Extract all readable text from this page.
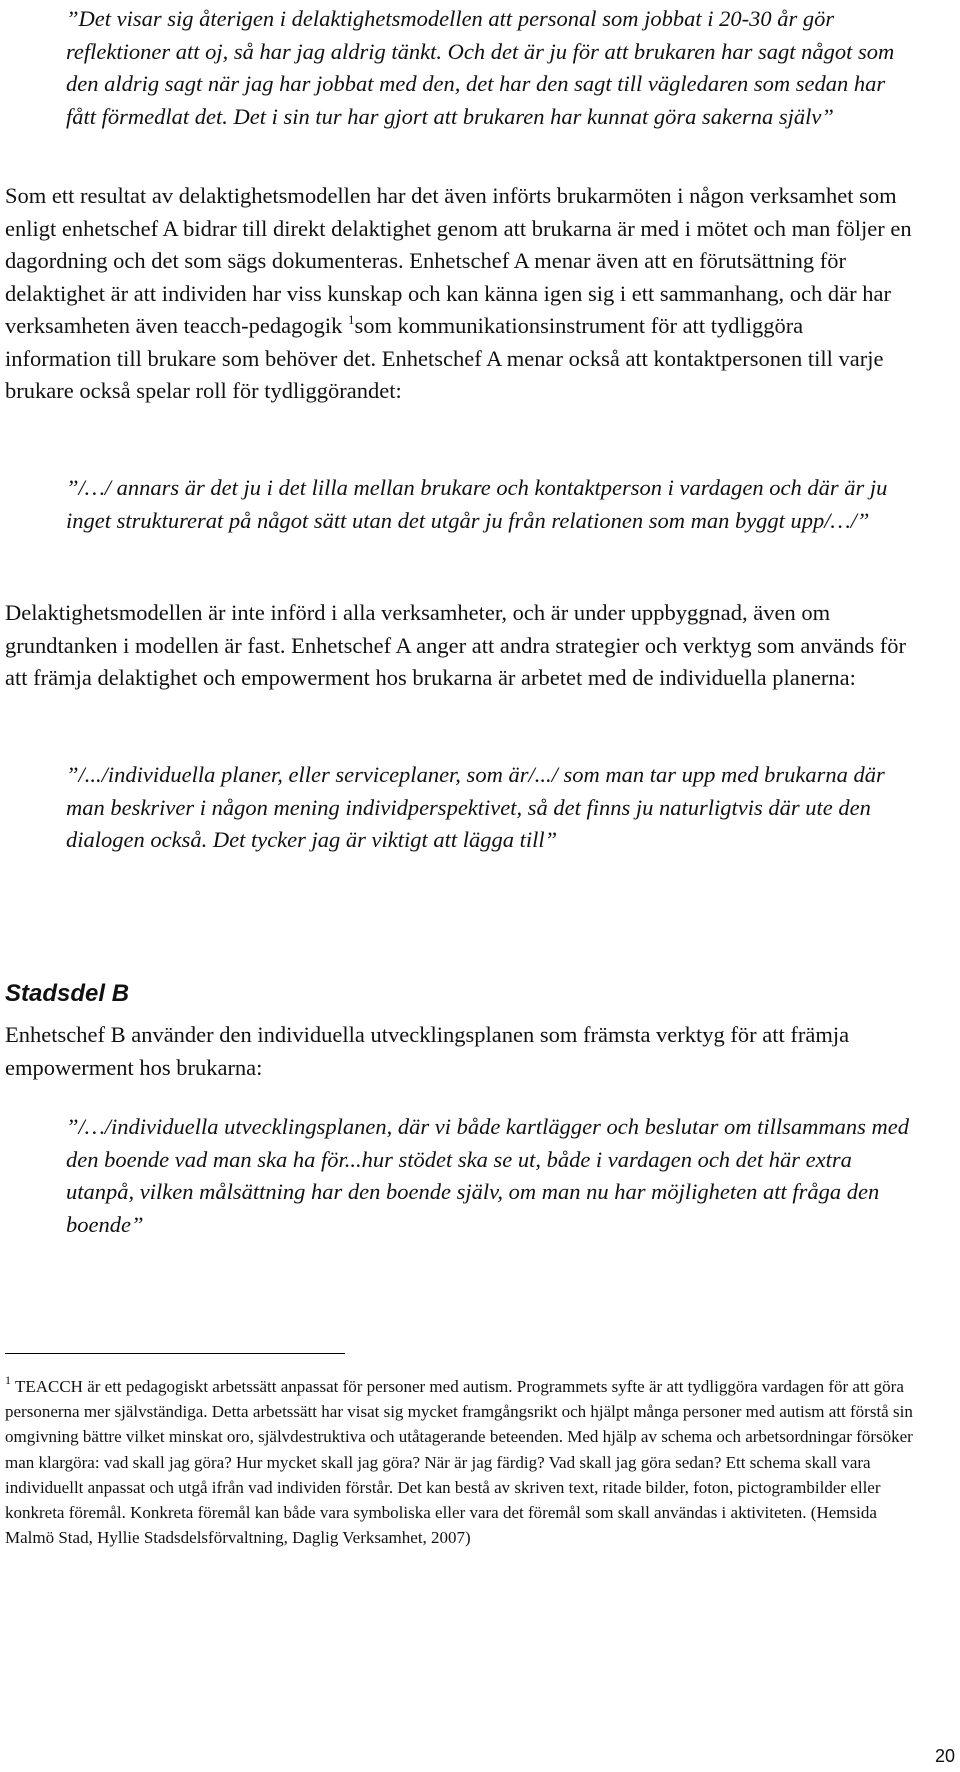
”Det visar sig återigen i delaktighetsmodellen att personal som jobbat i 20-30 år gör reflektioner att oj, så har jag aldrig tänkt. Och det är ju för att brukaren har sagt något som den aldrig sagt när jag har jobbat med den, det har den sagt till vägledaren som sedan har fått förmedlat det. Det i sin tur har gjort att brukaren har kunnat göra sakerna själv”

Som ett resultat av delaktighetsmodellen har det även införts brukarmöten i någon verksamhet som enligt enhetschef A bidrar till direkt delaktighet genom att brukarna är med i mötet och man följer en dagordning och det som sägs dokumenteras. Enhetschef A menar även att en förutsättning för delaktighet är att individen har viss kunskap och kan känna igen sig i ett sammanhang, och där har verksamheten även teacch-pedagogik $^1$som kommunikationsinstrument för att tydliggöra information till brukare som behöver det. Enhetschef A menar också att kontaktpersonen till varje brukare också spelar roll för tydliggörandet:

”/…/ annars är det ju i det lilla mellan brukare och kontaktperson i vardagen och där är ju inget strukturerat på något sätt utan det utgår ju från relationen som man byggt upp/…/”

Delaktighetsmodellen är inte införd i alla verksamheter, och är under uppbyggnad, även om grundtanken i modellen är fast. Enhetschef A anger att andra strategier och verktyg som används för att främja delaktighet och empowerment hos brukarna är arbetet med de individuella planerna:

”/.../individuella planer, eller serviceplaner, som är/.../ som man tar upp med brukarna där man beskriver i någon mening individperspektivet, så det finns ju naturligtvis där ute den dialogen också. Det tycker jag är viktigt att lägga till”

Stadsdel B

Enhetschef B använder den individuella utvecklingsplanen som främsta verktyg för att främja empowerment hos brukarna:

”/…/individuella utvecklingsplanen, där vi både kartlägger och beslutar om tillsammans med den boende vad man ska ha för...hur stödet ska se ut, både i vardagen och det här extra utanpå, vilken målsättning har den boende själv, om man nu har möjligheten att fråga den boende”

$^1$ TEACCH är ett pedagogiskt arbetssätt anpassat för personer med autism. Programmets syfte är att tydliggöra vardagen för att göra personerna mer självständiga. Detta arbetssätt har visat sig mycket framgångsrikt och hjälpt många personer med autism att förstå sin omgivning bättre vilket minskat oro, självdestruktiva och utåtagerande beteenden. Med hjälp av schema och arbetsordningar försöker man klargöra: vad skall jag göra? Hur mycket skall jag göra? När är jag färdig? Vad skall jag göra sedan? Ett schema skall vara individuellt anpassat och utgå ifrån vad individen förstår. Det kan bestå av skriven text, ritade bilder, foton, pictogrambilder eller konkreta föremål. Konkreta föremål kan både vara symboliska eller vara det föremål som skall användas i aktiviteten. (Hemsida Malmö Stad, Hyllie Stadsdelsförvaltning, Daglig Verksamhet, 2007)

20
